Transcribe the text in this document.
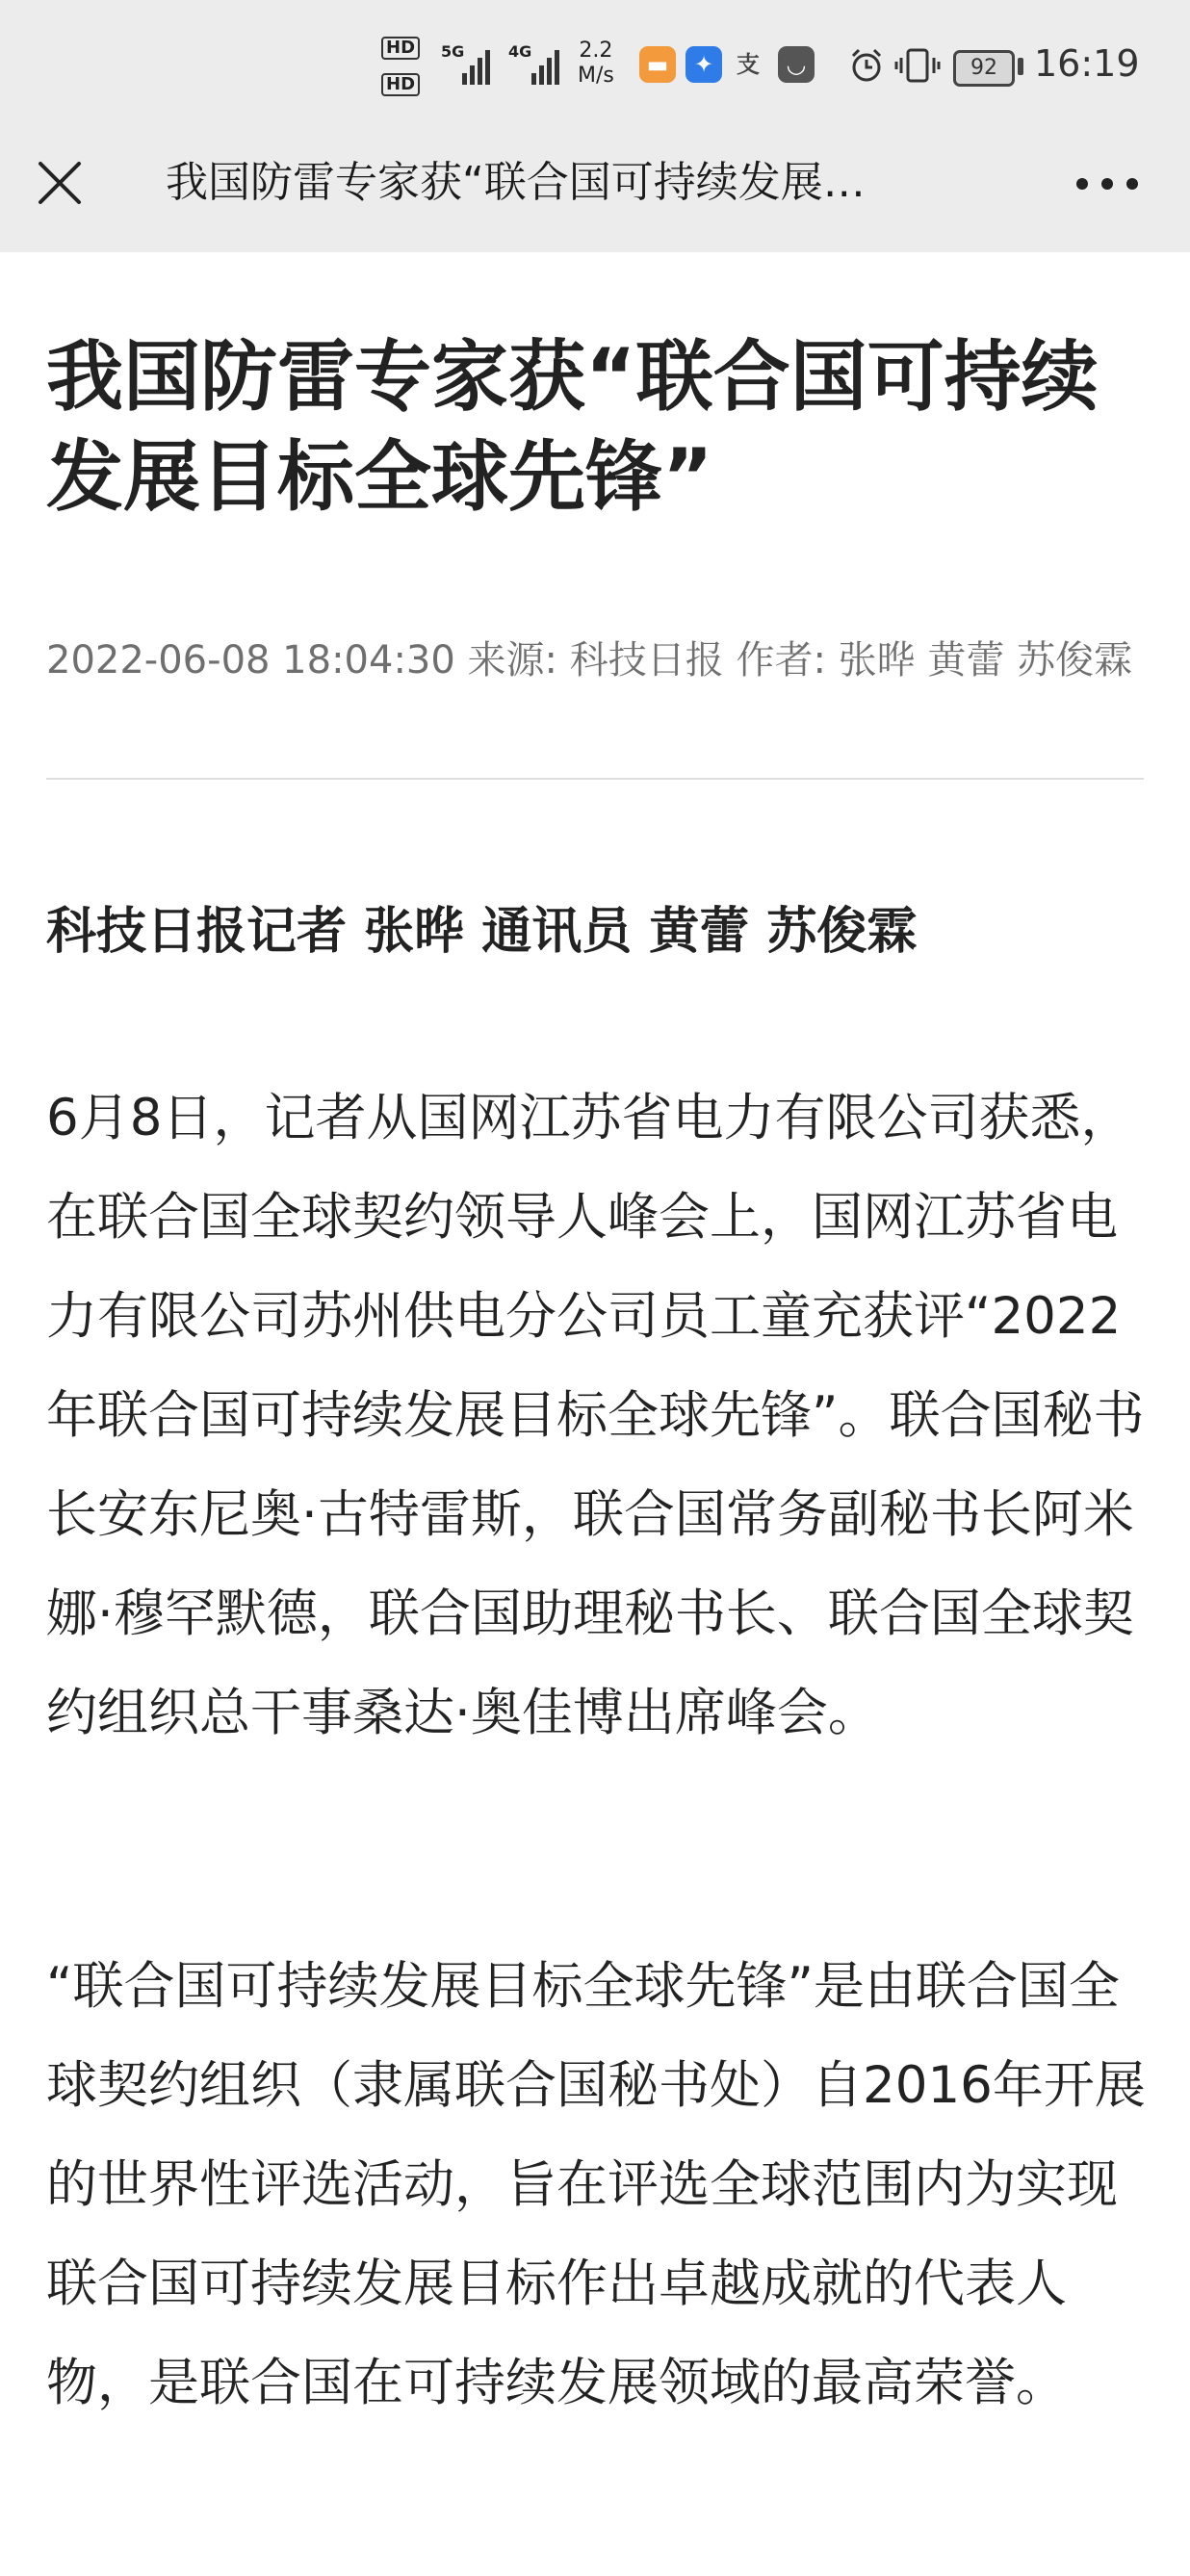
HD
HD
5G	4G 2.2
M/s	▬	✦ 支	◡	92	16:19
我国防雷专家获“联合国可持续发展…
我国防雷专家获“联合国可持续发展目标全球先锋”
2022-06-08 18:04:30 来源: 科技日报 作者: 张晔 黄蕾 苏俊霖

科技日报记者 张晔 通讯员 黄蕾 苏俊霖

6月8日，记者从国网江苏省电力有限公司获悉，在联合国全球契约领导人峰会上，国网江苏省电力有限公司苏州供电分公司员工童充获评“2022年联合国可持续发展目标全球先锋”。联合国秘书长安东尼奥·古特雷斯，联合国常务副秘书长阿米娜·穆罕默德，联合国助理秘书长、联合国全球契约组织总干事桑达·奥佳博出席峰会。

“联合国可持续发展目标全球先锋”是由联合国全球契约组织（隶属联合国秘书处）自2016年开展的世界性评选活动，旨在评选全球范围内为实现联合国可持续发展目标作出卓越成就的代表人物，是联合国在可持续发展领域的最高荣誉。
